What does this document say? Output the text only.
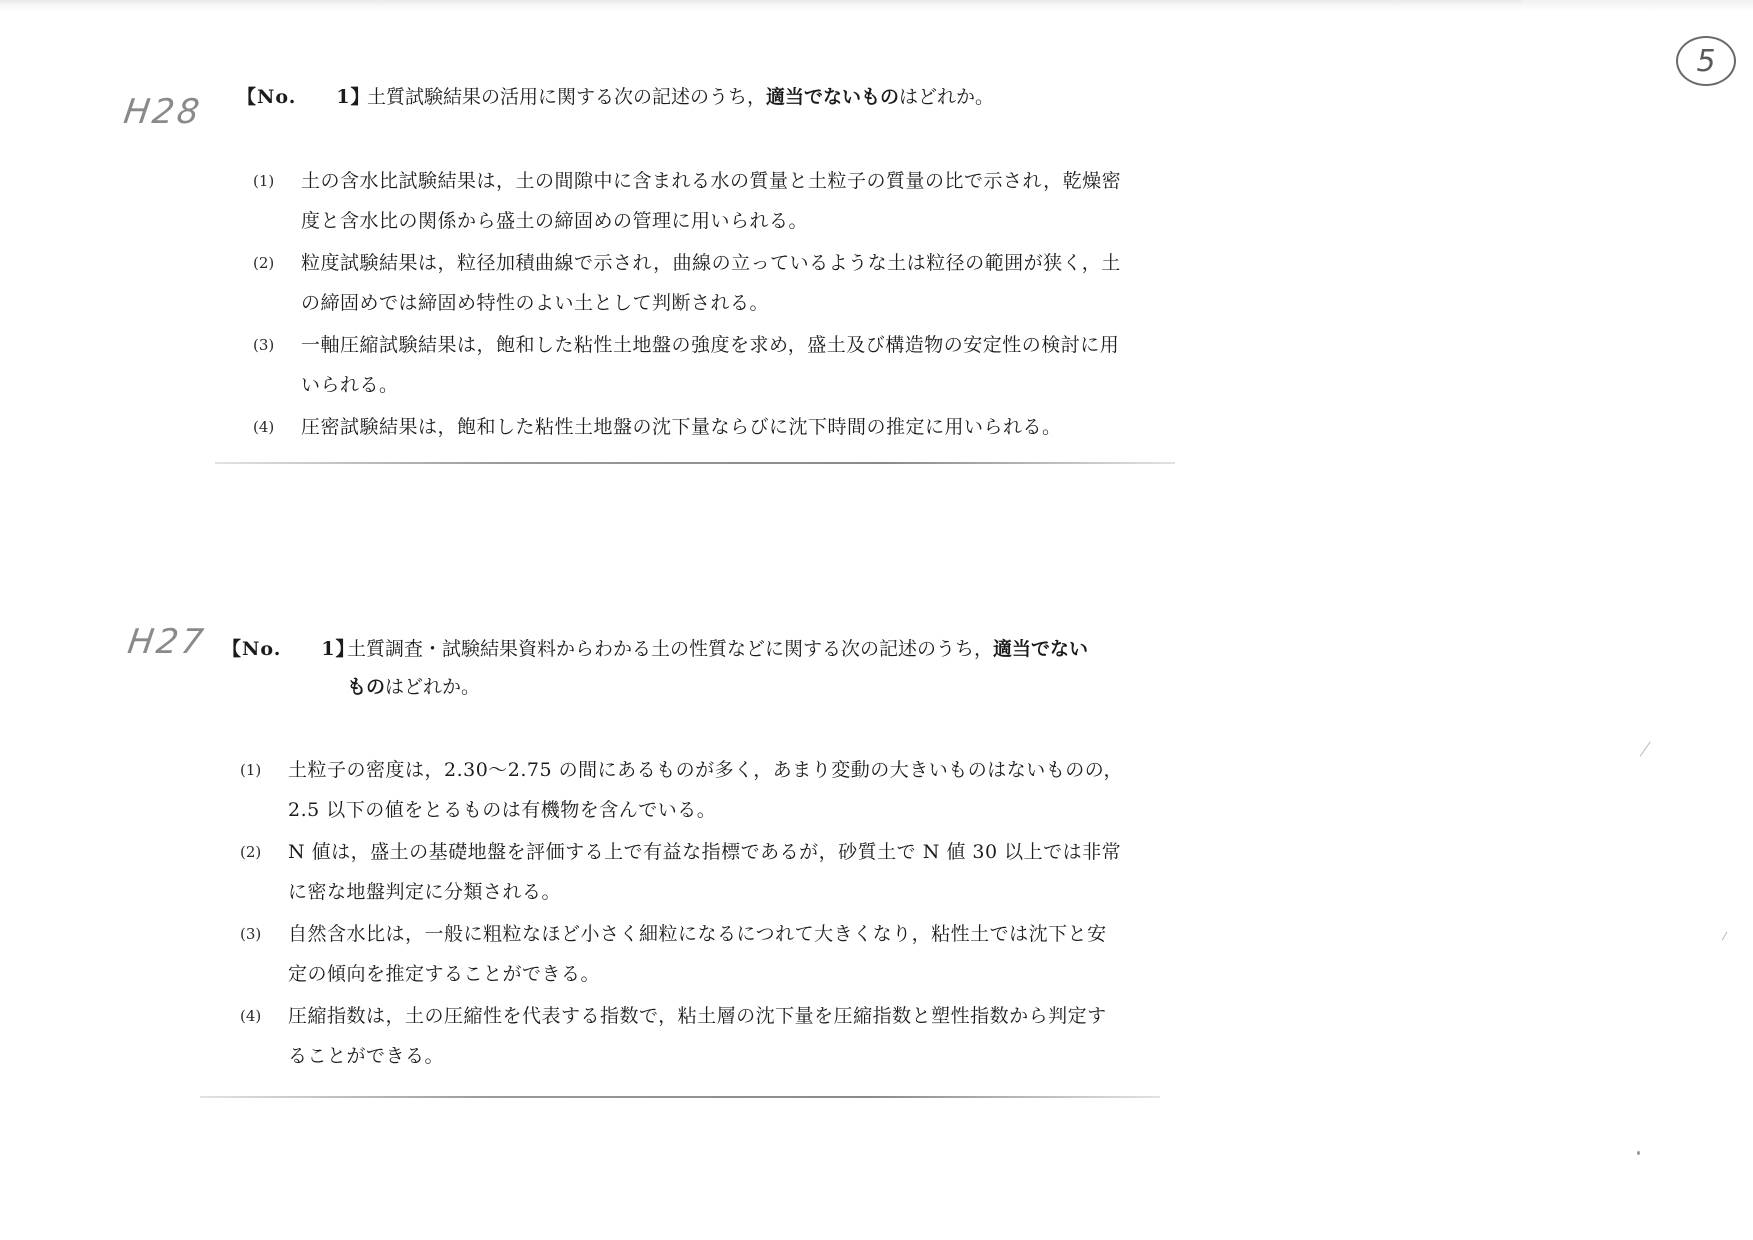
5
H28 【No.　　1】
土質試験結果の活用に関する次の記述のうち，適当でないものはどれか。
(1) 土の含水比試験結果は，土の間隙中に含まれる水の質量と土粒子の質量の比で示され，乾燥密
度と含水比の関係から盛土の締固めの管理に用いられる。
(2) 粒度試験結果は，粒径加積曲線で示され，曲線の立っているような土は粒径の範囲が狭く，土
の締固めでは締固め特性のよい土として判断される。
(3) 一軸圧縮試験結果は，飽和した粘性土地盤の強度を求め，盛土及び構造物の安定性の検討に用
いられる。
(4) 圧密試験結果は，飽和した粘性土地盤の沈下量ならびに沈下時間の推定に用いられる。
H27 【No.　　1】
土質調査・試験結果資料からわかる土の性質などに関する次の記述のうち，適当でない
ものはどれか。
(1) 土粒子の密度は，2.30～2.75 の間にあるものが多く，あまり変動の大きいものはないものの，
2.5 以下の値をとるものは有機物を含んでいる。
(2) N 値は，盛土の基礎地盤を評価する上で有益な指標であるが，砂質土で N 値 30 以上では非常
に密な地盤判定に分類される。
(3) 自然含水比は，一般に粗粒なほど小さく細粒になるにつれて大きくなり，粘性土では沈下と安
定の傾向を推定することができる。
(4) 圧縮指数は，土の圧縮性を代表する指数で，粘土層の沈下量を圧縮指数と塑性指数から判定す
ることができる。
